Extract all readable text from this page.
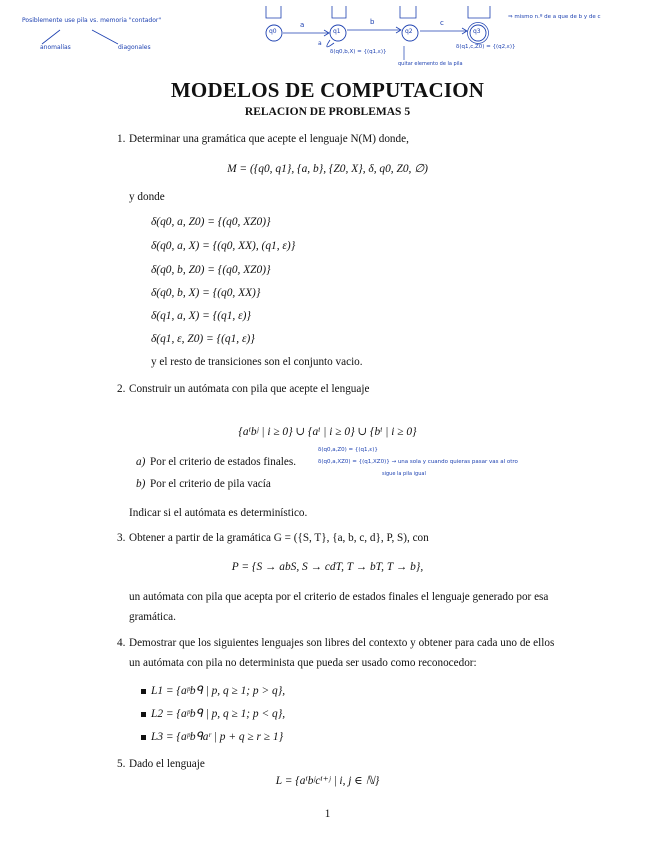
Posiblemente use pila vs. memoria "contador"
anomalías	diagonales
q0	q1	q2	q3
a	b	c
a
δ(q0,b,X) = {(q1,ε)}
δ(q1,c,Z0) = {(q2,ε)}
quitar elemento de la pila
⇒ mismo n.º de a que de b y de c
MODELOS DE COMPUTACION
RELACION DE PROBLEMAS 5
1. Determinar una gramática que acepte el lenguaje N(M) donde,
M = ({q0, q1}, {a, b}, {Z0, X}, δ, q0, Z0, ∅)
y donde
δ(q0, a, Z0) = {(q0, XZ0)}
δ(q0, a, X) = {(q0, XX), (q1, ε)}
δ(q0, b, Z0) = {(q0, XZ0)}
δ(q0, b, X) = {(q0, XX)}
δ(q1, a, X) = {(q1, ε)}
δ(q1, ε, Z0) = {(q1, ε)}
y el resto de transiciones son el conjunto vacio.
2. Construir un autómata con pila que acepte el lenguaje
{aⁱbʲ | i ≥ 0} ∪ {aⁱ | i ≥ 0} ∪ {bⁱ | i ≥ 0}
δ(q0,a,Z0) = {(q1,ε)}
δ(q0,a,XZ0) = {(q1,XZ0)} → una sola y cuando quieras pasar vas al otro
sigue la pila igual
a) Por el criterio de estados finales.
b) Por el criterio de pila vacía
Indicar si el autómata es determinístico.
3. Obtener a partir de la gramática G = ({S, T}, {a, b, c, d}, P, S), con
P = {S → abS, S → cdT, T → bT, T → b},
un autómata con pila que acepta por el criterio de estados finales el lenguaje generado por esa
gramática.
4. Demostrar que los siguientes lenguajes son libres del contexto y obtener para cada uno de ellos
un autómata con pila no determinista que pueda ser usado como reconocedor:
L1 = {aᵖbᑫ | p, q ≥ 1; p > q},
L2 = {aᵖbᑫ | p, q ≥ 1; p < q},
L3 = {aᵖbᑫaʳ | p + q ≥ r ≥ 1}
5. Dado el lenguaje
L = {aⁱbʲcⁱ⁺ʲ | i, j ∈ ℕ}
1
